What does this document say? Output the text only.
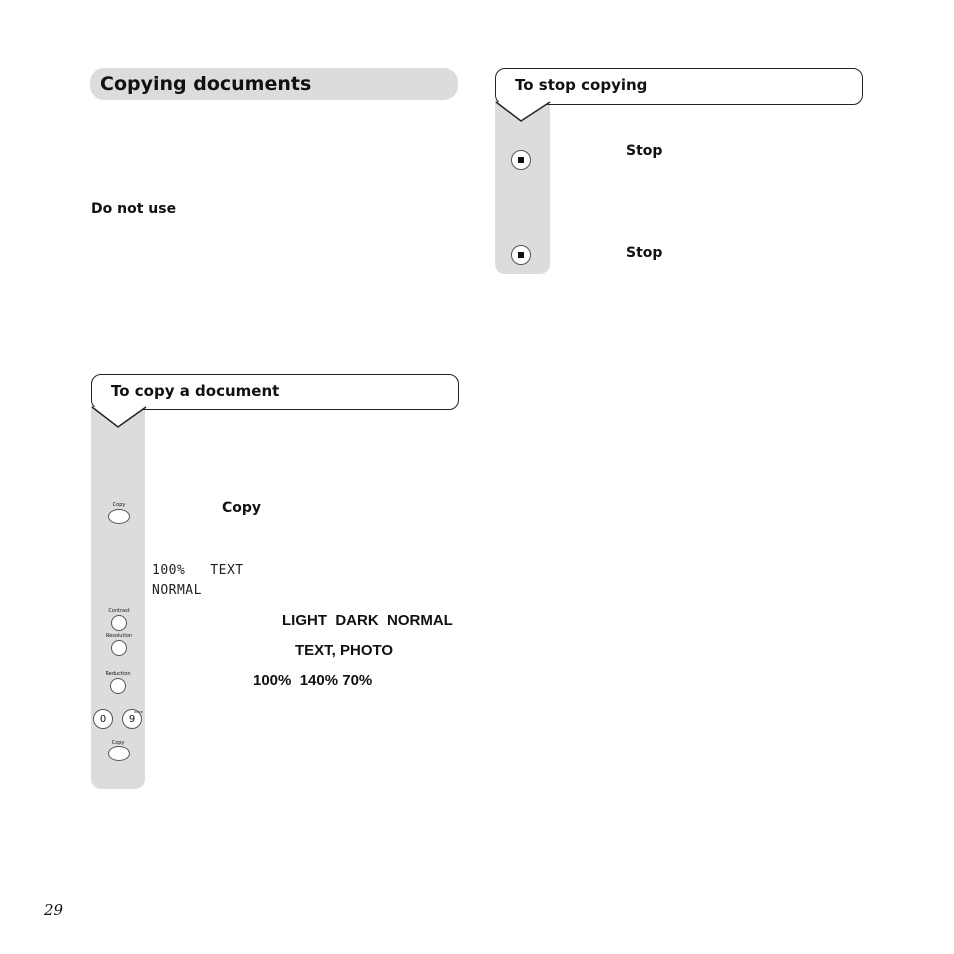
Copying documents
Do not use
To stop copying
Stop
Stop
To copy a document
Copy	Copy
100%   TEXT
NORMAL
Contrast
LIGHT  DARK  NORMAL
Resolution
TEXT, PHOTO
Reduction	100%  140% 70%
0 9
WXYZ
Copy
29
